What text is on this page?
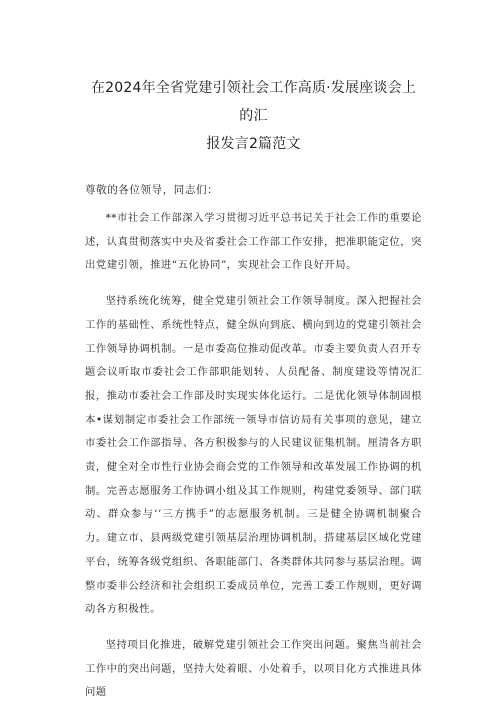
在2024年全省党建引领社会工作高质·发展座谈会上的汇
报发言2篇范文

尊敬的各位领导，同志们：

**市社会工作部深入学习贯彻习近平总书记关于社会工作的重要论述，认真贯彻落实中央及省委社会工作部工作安排，把准职能定位，突出党建引领，推进“五化协同”，实现社会工作良好开局。

坚持系统化统筹，健全党建引领社会工作领导制度。深入把握社会工作的基础性、系统性特点，健全纵向到底、横向到边的党建引领社会工作领导协调机制。一是市委高位推动促改革。市委主要负责人召开专题会议听取市委社会工作部职能划转、人员配备、制度建设等情况汇报，推动市委社会工作部及时实现实体化运行。二是优化领导体制固根本•谋划制定市委社会工作部统一领导市信访局有关事项的意见，建立市委社会工作部指导、各方积极参与的人民建议征集机制。厘清各方职责，健全对全市性行业协会商会党的工作领导和改革发展工作协调的机制。完善志愿服务工作协调小组及其工作规则，构建党委领导、部门联动、群众参与‘’三方携手”的志愿服务机制。三是健全协调机制聚合力。建立市、县两级党建引领基层治理协调机制，搭建基层区域化党建平台，统筹各级党组织、各职能部门、各类群体共同参与基层治理。调整市委非公经济和社会组织工委成员单位，完善工委工作规则，更好调动各方积极性。

坚持项目化推进，破解党建引领社会工作突出问题。聚焦当前社会工作中的突出问题，坚持大处着眼、小处着手，以项目化方式推进具体问题
